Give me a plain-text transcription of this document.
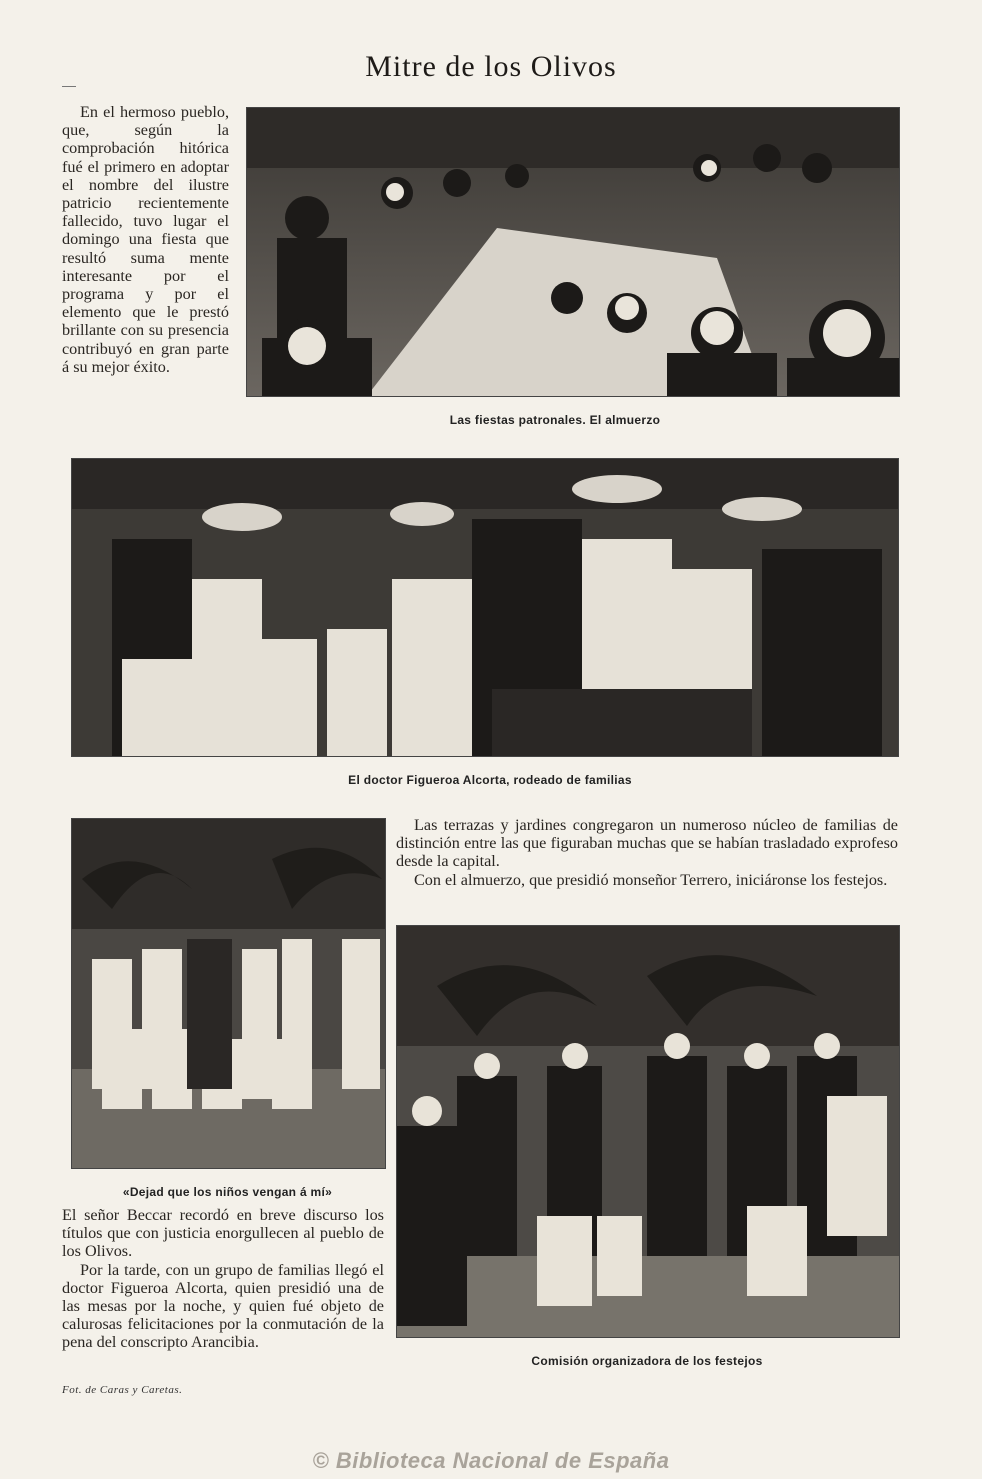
Mitre de los Olivos

En el hermoso pueblo, que, según la comprobación hitórica fué el primero en adoptar el nombre del ilustre patricio recientemente fallecido, tuvo lugar el domingo una fiesta que resultó suma mente interesante por el programa y por el elemento que le prestó brillante con su presencia contribuyó en gran parte á su mejor éxito.

Las fiestas patronales. El almuerzo
El doctor Figueroa Alcorta, rodeado de familias
«Dejad que los niños vengan á mí»

Las terrazas y jardines congregaron un numeroso núcleo de familias de distinción entre las que figuraban muchas que se habían trasladado exprofeso desde la capital.

Con el almuerzo, que presidió monseñor Terrero, iniciáronse los festejos.

Comisión organizadora de los festejos

El señor Beccar recordó en breve discurso los títulos que con justicia enorgullecen al pueblo de los Olivos.

Por la tarde, con un grupo de familias llegó el doctor Figueroa Alcorta, quien presidió una de las mesas por la noche, y quien fué objeto de calurosas felicitaciones por la conmutación de la pena del conscripto Arancibia.

Fot. de Caras y Caretas.
© Biblioteca Nacional de España
